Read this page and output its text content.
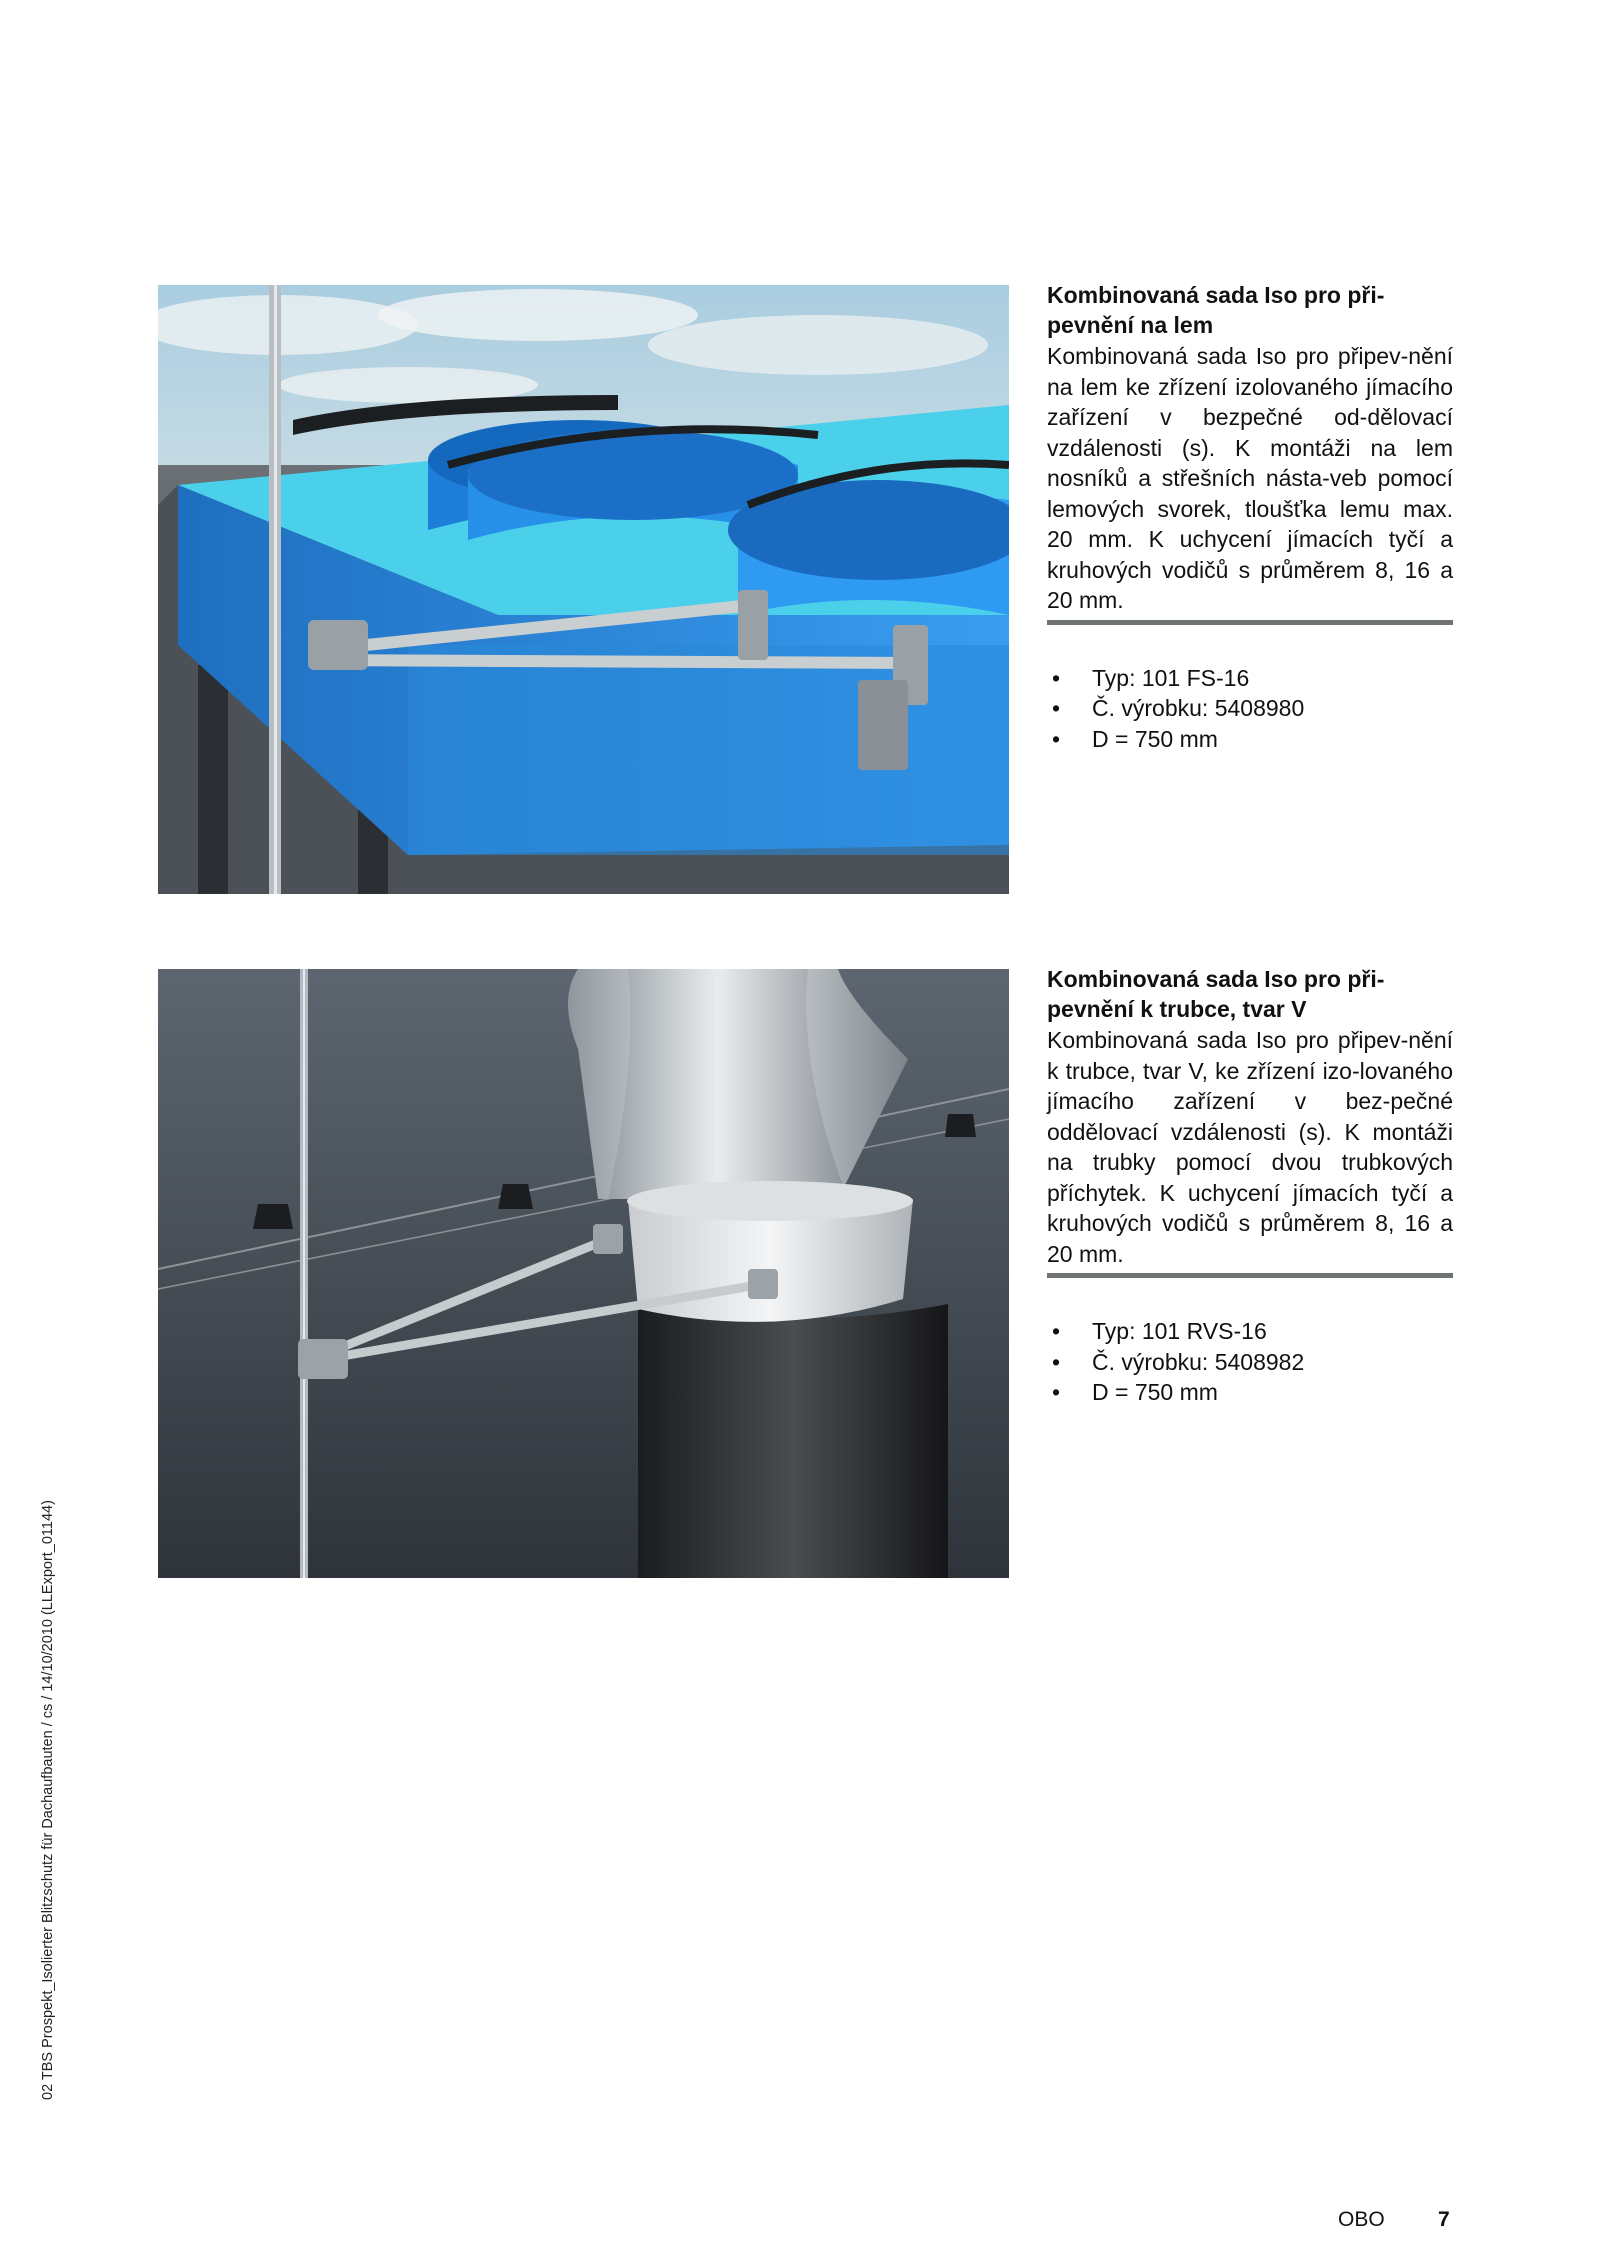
Kombinovaná sada Iso pro při-
pevnění na lem

Kombinovaná sada Iso pro připev-nění na lem ke zřízení izolovaného jímacího zařízení v bezpečné od-dělovací vzdálenosti (s). K montáži na lem nosníků a střešních násta-veb pomocí lemových svorek, tloušťka lemu max. 20 mm. K uchycení jímacích tyčí a kruhových vodičů s průměrem 8, 16 a 20 mm.

• Typ: 101 FS-16
• Č. výrobku: 5408980
• D = 750 mm
Kombinovaná sada Iso pro při-
pevnění k trubce, tvar V

Kombinovaná sada Iso pro připev-nění k trubce, tvar V, ke zřízení izo-lovaného jímacího zařízení v bez-pečné oddělovací vzdálenosti (s). K montáži na trubky pomocí dvou trubkových příchytek. K uchycení jímacích tyčí a kruhových vodičů s průměrem 8, 16 a 20 mm.

• Typ: 101 RVS-16
• Č. výrobku: 5408982
• D = 750 mm
02 TBS Prospekt_Isolierter Blitzschutz für Dachaufbauten / cs / 14/10/2010 (LLExport_01144)
OBO	7
